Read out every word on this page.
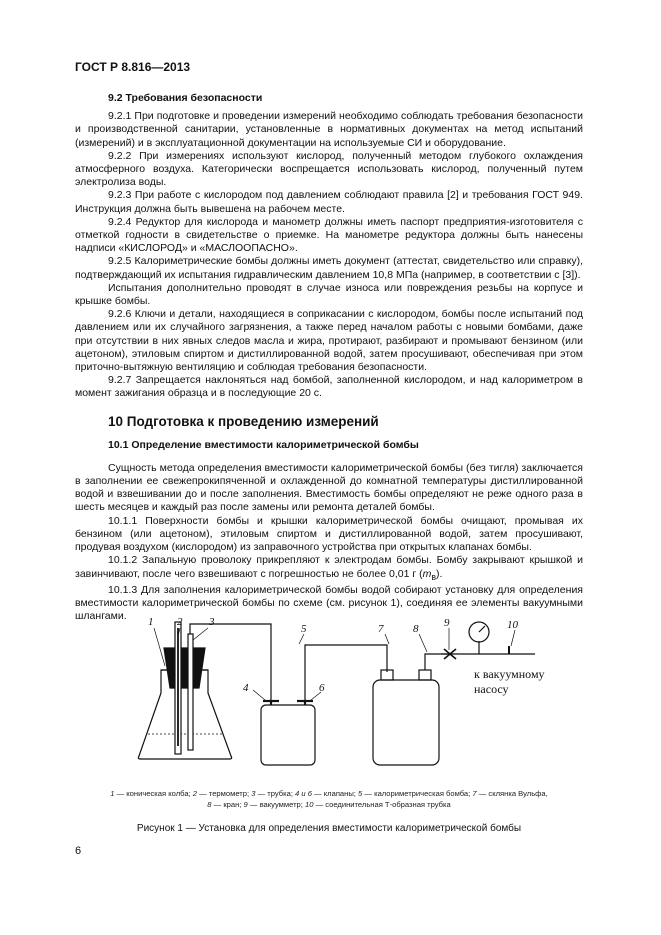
ГОСТ Р 8.816—2013

9.2 Требования безопасности

9.2.1 При подготовке и проведении измерений необходимо соблюдать требования безопасности и производственной санитарии, установленные в нормативных документах на метод испытаний (измерений) и в эксплуатационной документации на используемые СИ и оборудование.

9.2.2 При измерениях используют кислород, полученный методом глубокого охлаждения атмосферного воздуха. Категорически воспрещается использовать кислород, полученный путем электролиза воды.

9.2.3 При работе с кислородом под давлением соблюдают правила [2] и требования ГОСТ 949. Инструкция должна быть вывешена на рабочем месте.

9.2.4 Редуктор для кислорода и манометр должны иметь паспорт предприятия-изготовителя с отметкой годности в свидетельстве о приемке. На манометре редуктора должны быть нанесены надписи «КИСЛОРОД» и «МАСЛООПАСНО».

9.2.5 Калориметрические бомбы должны иметь документ (аттестат, свидетельство или справку), подтверждающий их испытания гидравлическим давлением 10,8 МПа (например, в соответствии с [3]).

Испытания дополнительно проводят в случае износа или повреждения резьбы на корпусе и крышке бомбы.

9.2.6 Ключи и детали, находящиеся в соприкасании с кислородом, бомбы после испытаний под давлением или их случайного загрязнения, а также перед началом работы с новыми бомбами, даже при отсутствии в них явных следов масла и жира, протирают, разбирают и промывают бензином (или ацетоном), этиловым спиртом и дистиллированной водой, затем просушивают, обеспечивая при этом приточно-вытяжную вентиляцию и соблюдая требования безопасности.

9.2.7 Запрещается наклоняться над бомбой, заполненной кислородом, и над калориметром в момент зажигания образца и в последующие 20 с.

10 Подготовка к проведению измерений

10.1 Определение вместимости калориметрической бомбы

Сущность метода определения вместимости калориметрической бомбы (без тигля) заключается в заполнении ее свежепрокипяченной и охлажденной до комнатной температуры дистиллированной водой и взвешивании до и после заполнения. Вместимость бомбы определяют не реже одного раза в шесть месяцев и каждый раз после замены или ремонта деталей бомбы.

10.1.1 Поверхности бомбы и крышки калориметрической бомбы очищают, промывая их бензином (или ацетоном), этиловым спиртом и дистиллированной водой, затем просушивают, продувая воздухом (кислородом) из заправочного устройства при открытых клапанах бомбы.

10.1.2 Запальную проволоку прикрепляют к электродам бомбы. Бомбу закрывают крышкой и завинчивают, после чего взвешивают с погрешностью не более 0,01 г $(m_в)$.

10.1.3 Для заполнения калориметрической бомбы водой собирают установку для определения вместимости калориметрической бомбы по схеме (см. рисунок 1), соединяя ее элементы вакуумными шлангами.	1 2 3
4
5
6
7	8 9	10
к вакуумному
насосу
1 — коническая колба; 2 — термометр; 3 — трубка; 4 и 6 — клапаны; 5 — калориметрическая бомба; 7 — склянка Вульфа,
8 — кран; 9 — вакуумметр; 10 — соединительная Т-образная трубка
Рисунок 1 — Установка для определения вместимости калориметрической бомбы
6
